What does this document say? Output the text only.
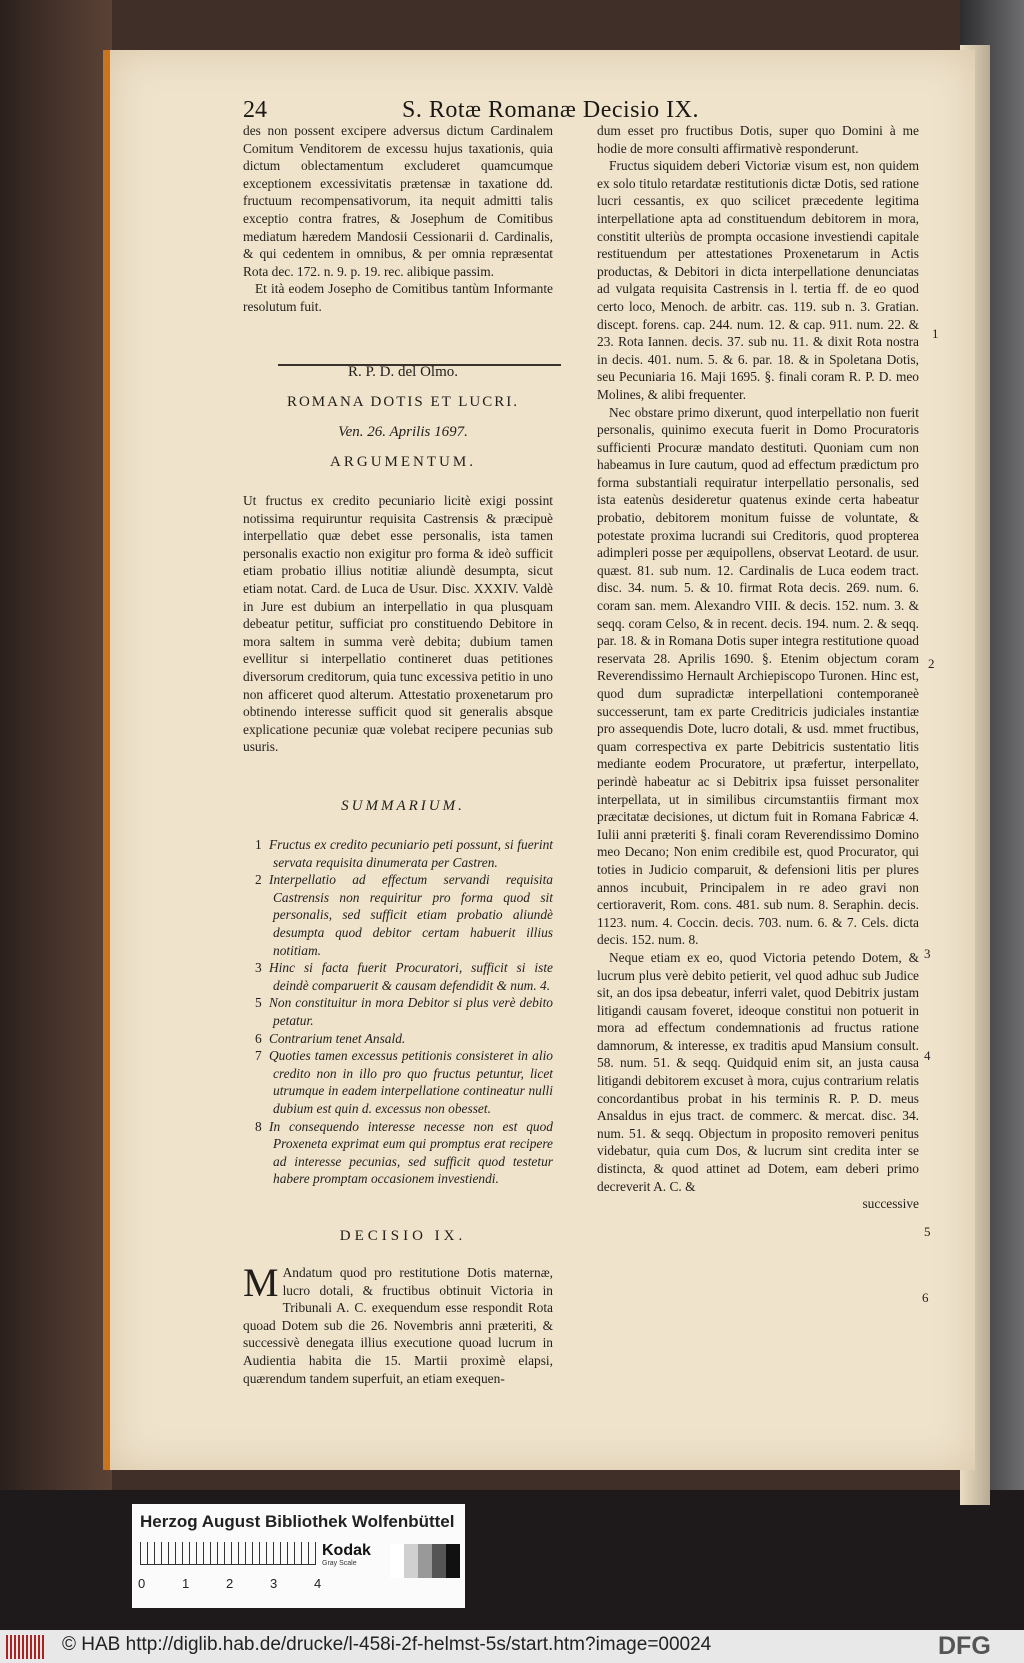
24	S. Rotæ Romanæ Decisio IX.

des non possent excipere adversus dictum Cardinalem Comitum Venditorem de excessu hujus taxationis, quia dictum oblectamentum excluderet quamcumque exceptionem excessivitatis prætensæ in taxatione dd. fructuum recompensativorum, ita nequit admitti talis exceptio contra fratres, & Josephum de Comitibus mediatum hæredem Mandosii Cessionarii d. Cardinalis, & qui cedentem in omnibus, & per omnia repræsentat Rota dec. 172. n. 9. p. 19. rec. alibique passim.

Et ità eodem Josepho de Comitibus tantùm Informante resolutum fuit.

R. P. D. del Olmo.

ROMANA DOTIS ET LUCRI.

Ven. 26. Aprilis 1697.

ARGUMENTUM.

Ut fructus ex credito pecuniario licitè exigi possint notissima requiruntur requisita Castrensis & præcipuè interpellatio quæ debet esse personalis, ista tamen personalis exactio non exigitur pro forma & ideò sufficit etiam probatio illius notitiæ aliundè desumpta, sicut etiam notat. Card. de Luca de Usur. Disc. XXXIV. Valdè in Jure est dubium an interpellatio in qua plusquam debeatur petitur, sufficiat pro constituendo Debitore in mora saltem in summa verè debita; dubium tamen evellitur si interpellatio contineret duas petitiones diversorum creditorum, quia tunc excessiva petitio in uno non afficeret quod alterum. Attestatio proxenetarum pro obtinendo interesse sufficit quod sit generalis absque explicatione pecuniæ quæ volebat recipere pecunias sub usuris.
SUMMARIUM.

1 Fructus ex credito pecuniario peti possunt, si fuerint servata requisita dinumerata per Castren.

2 Interpellatio ad effectum servandi requisita Castrensis non requiritur pro forma quod sit personalis, sed sufficit etiam probatio aliundè desumpta quod debitor certam habuerit illius notitiam.

3 Hinc si facta fuerit Procuratori, sufficit si iste deindè comparuerit & causam defendidit & num. 4.

5 Non constituitur in mora Debitor si plus verè debito petatur.

6 Contrarium tenet Ansald.

7 Quoties tamen excessus petitionis consisteret in alio credito non in illo pro quo fructus petuntur, licet utrumque in eadem interpellatione contineatur nulli dubium est quin d. excessus non obesset.

8 In consequendo interesse necesse non est quod Proxeneta exprimat eum qui promptus erat recipere ad interesse pecunias, sed sufficit quod testetur habere promptam occasionem investiendi.

DECISIO IX.
M Andatum quod pro restitutione Dotis maternæ, lucro dotali, & fructibus obtinuit Victoria in Tribunali A. C. exequendum esse respondit Rota quoad Dotem sub die 26. Novembris anni præteriti, & successivè denegata illius executione quoad lucrum in Audientia habita die 15. Martii proximè elapsi, quærendum tandem superfuit, an etiam exequen-

dum esset pro fructibus Dotis, super quo Domini à me hodie de more consulti affirmativè responderunt.

Fructus siquidem deberi Victoriæ visum est, non quidem ex solo titulo retardatæ restitutionis dictæ Dotis, sed ratione lucri cessantis, ex quo scilicet præcedente legitima interpellatione apta ad constituendum debitorem in mora, constitit ulteriùs de prompta occasione investiendi capitale restituendum per attestationes Proxenetarum in Actis productas, & Debitori in dicta interpellatione denunciatas ad vulgata requisita Castrensis in l. tertia ff. de eo quod certo loco, Menoch. de arbitr. cas. 119. sub n. 3. Gratian. discept. forens. cap. 244. num. 12. & cap. 911. num. 22. & 23. Rota Iannen. decis. 37. sub nu. 11. & dixit Rota nostra in decis. 401. num. 5. & 6. par. 18. & in Spoletana Dotis, seu Pecuniaria 16. Maji 1695. §. finali coram R. P. D. meo Molines, & alibi frequenter.

Nec obstare primo dixerunt, quod interpellatio non fuerit personalis, quinimo executa fuerit in Domo Procuratoris sufficienti Procuræ mandato destituti. Quoniam cum non habeamus in Iure cautum, quod ad effectum prædictum pro forma substantiali requiratur interpellatio personalis, sed ista eatenùs desideretur quatenus exinde certa habeatur probatio, debitorem monitum fuisse de voluntate, & potestate proxima lucrandi sui Creditoris, quod propterea adimpleri posse per æquipollens, observat Leotard. de usur. quæst. 81. sub num. 12. Cardinalis de Luca eodem tract. disc. 34. num. 5. & 10. firmat Rota decis. 269. num. 6. coram san. mem. Alexandro VIII. & decis. 152. num. 3. & seqq. coram Celso, & in recent. decis. 194. num. 2. & seqq. par. 18. & in Romana Dotis super integra restitutione quoad reservata 28. Aprilis 1690. §. Etenim objectum coram Reverendissimo Hernault Archiepiscopo Turonen. Hinc est, quod dum supradictæ interpellationi contemporaneè successerunt, tam ex parte Creditricis judiciales instantiæ pro assequendis Dote, lucro dotali, & usd. mmet fructibus, quam correspectiva ex parte Debitricis sustentatio litis mediante eodem Procuratore, ut præfertur, interpellato, perindè habeatur ac si Debitrix ipsa fuisset personaliter interpellata, ut in similibus circumstantiis firmant mox præcitatæ decisiones, ut dictum fuit in Romana Fabricæ 4. Iulii anni præteriti §. finali coram Reverendissimo Domino meo Decano; Non enim credibile est, quod Procurator, qui toties in Judicio comparuit, & defensioni litis per plures annos incubuit, Principalem in re adeo gravi non certioraverit, Rom. cons. 481. sub num. 8. Seraphin. decis. 1123. num. 4. Coccin. decis. 703. num. 6. & 7. Cels. dicta decis. 152. num. 8.

Neque etiam ex eo, quod Victoria petendo Dotem, & lucrum plus verè debito petierit, vel quod adhuc sub Judice sit, an dos ipsa debeatur, inferri valet, quod Debitrix justam litigandi causam foveret, ideoque constitui non potuerit in mora ad effectum condemnationis ad fructus ratione damnorum, & interesse, ex traditis apud Mansium consult. 58. num. 51. & seqq. Quidquid enim sit, an justa causa litigandi debitorem excuset à mora, cujus contrarium relatis concordantibus probat in his terminis R. P. D. meus Ansaldus in ejus tract. de commerc. & mercat. disc. 34. num. 51. & seqq. Objectum in proposito removeri penitus videbatur, quia cum Dos, & lucrum sint credita inter se distincta, & quod attinet ad Dotem, eam deberi primo decreverit A. C. &

successive

1
2
3
4
5
6
Herzog August Bibliothek Wolfenbüttel
0	1	2	3	4
Kodak
Gray Scale
© HAB http://diglib.hab.de/drucke/l-458i-2f-helmst-5s/start.htm?image=00024	DFG
